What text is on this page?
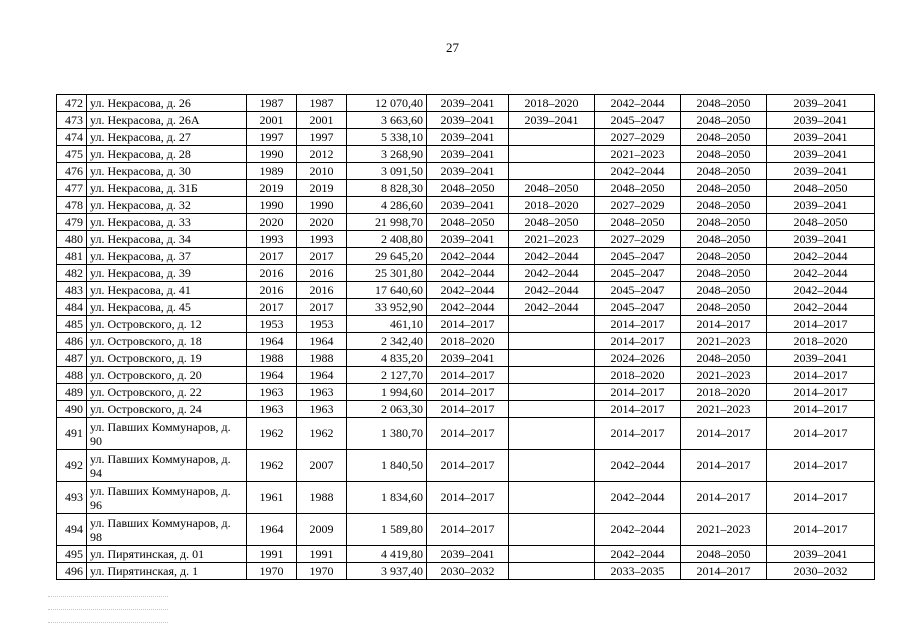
27
472	ул. Некрасова, д. 26	1987	1987	12 070,40	2039–2041	2018–2020	2042–2044	2048–2050	2039–2041
473	ул. Некрасова, д. 26А	2001	2001	3 663,60	2039–2041	2039–2041	2045–2047	2048–2050	2039–2041
474	ул. Некрасова, д. 27	1997	1997	5 338,10	2039–2041		2027–2029	2048–2050	2039–2041
475	ул. Некрасова, д. 28	1990	2012	3 268,90	2039–2041		2021–2023	2048–2050	2039–2041
476	ул. Некрасова, д. 30	1989	2010	3 091,50	2039–2041		2042–2044	2048–2050	2039–2041
477	ул. Некрасова, д. 31Б	2019	2019	8 828,30	2048–2050	2048–2050	2048–2050	2048–2050	2048–2050
478	ул. Некрасова, д. 32	1990	1990	4 286,60	2039–2041	2018–2020	2027–2029	2048–2050	2039–2041
479	ул. Некрасова, д. 33	2020	2020	21 998,70	2048–2050	2048–2050	2048–2050	2048–2050	2048–2050
480	ул. Некрасова, д. 34	1993	1993	2 408,80	2039–2041	2021–2023	2027–2029	2048–2050	2039–2041
481	ул. Некрасова, д. 37	2017	2017	29 645,20	2042–2044	2042–2044	2045–2047	2048–2050	2042–2044
482	ул. Некрасова, д. 39	2016	2016	25 301,80	2042–2044	2042–2044	2045–2047	2048–2050	2042–2044
483	ул. Некрасова, д. 41	2016	2016	17 640,60	2042–2044	2042–2044	2045–2047	2048–2050	2042–2044
484	ул. Некрасова, д. 45	2017	2017	33 952,90	2042–2044	2042–2044	2045–2047	2048–2050	2042–2044
485	ул. Островского, д. 12	1953	1953	461,10	2014–2017		2014–2017	2014–2017	2014–2017
486	ул. Островского, д. 18	1964	1964	2 342,40	2018–2020		2014–2017	2021–2023	2018–2020
487	ул. Островского, д. 19	1988	1988	4 835,20	2039–2041		2024–2026	2048–2050	2039–2041
488	ул. Островского, д. 20	1964	1964	2 127,70	2014–2017		2018–2020	2021–2023	2014–2017
489	ул. Островского, д. 22	1963	1963	1 994,60	2014–2017		2014–2017	2018–2020	2014–2017
490	ул. Островского, д. 24	1963	1963	2 063,30	2014–2017		2014–2017	2021–2023	2014–2017
491	ул. Павших Коммунаров, д. 90	1962	1962	1 380,70	2014–2017		2014–2017	2014–2017	2014–2017
492	ул. Павших Коммунаров, д. 94	1962	2007	1 840,50	2014–2017		2042–2044	2014–2017	2014–2017
493	ул. Павших Коммунаров, д. 96	1961	1988	1 834,60	2014–2017		2042–2044	2014–2017	2014–2017
494	ул. Павших Коммунаров, д. 98	1964	2009	1 589,80	2014–2017		2042–2044	2021–2023	2014–2017
495	ул. Пирятинская, д. 01	1991	1991	4 419,80	2039–2041		2042–2044	2048–2050	2039–2041
496	ул. Пирятинская, д. 1	1970	1970	3 937,40	2030–2032		2033–2035	2014–2017	2030–2032
